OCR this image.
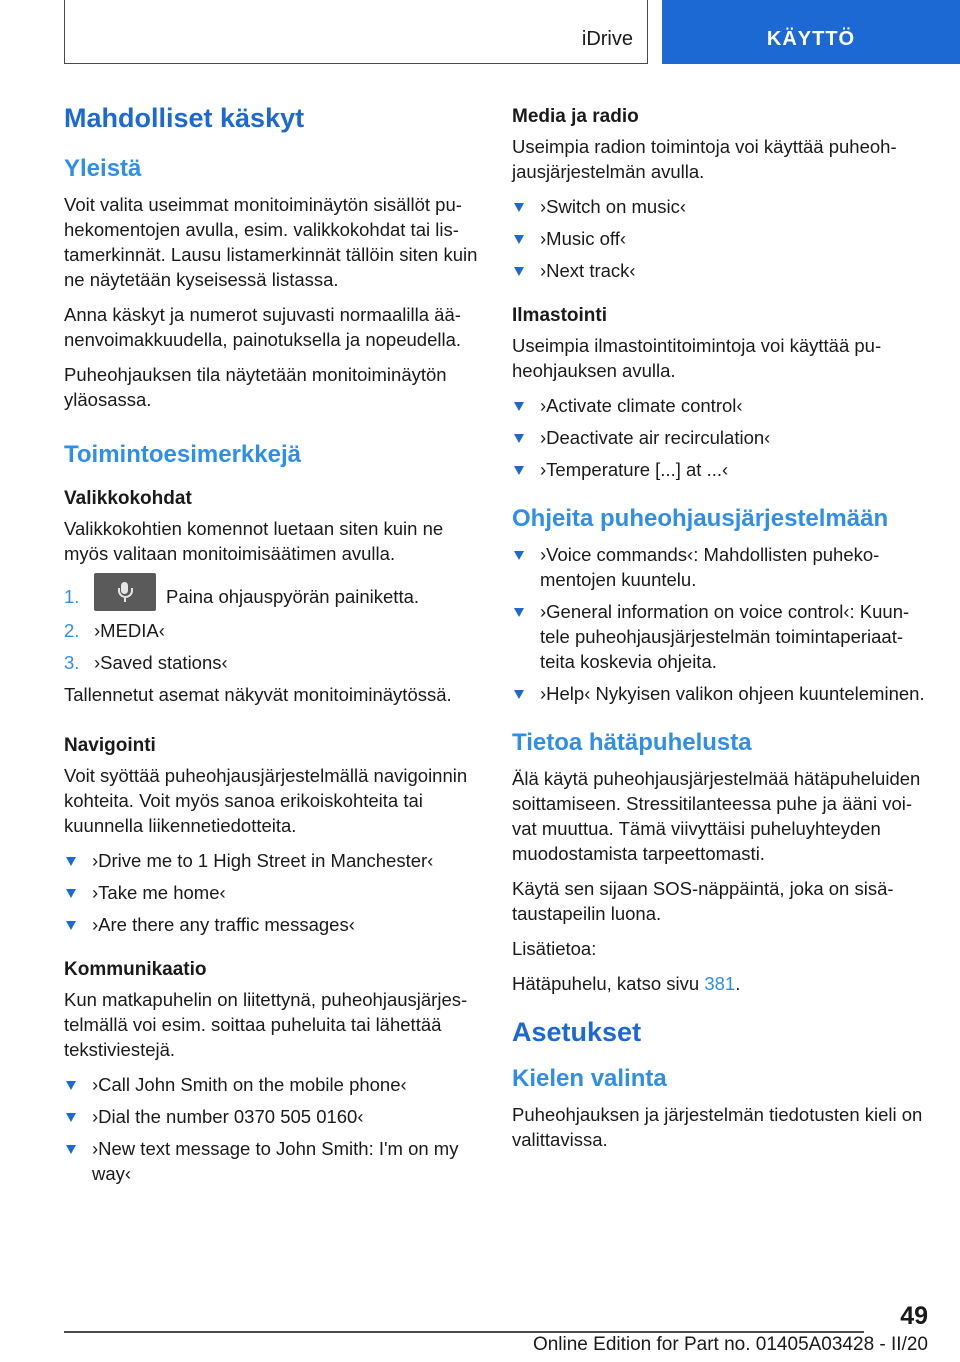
iDrive	KÄYTTÖ
Mahdolliset käskyt
Yleistä

Voit valita useimmat monitoiminäytön sisällöt puhekomentojen avulla, esim. valikkokohdat tai listamerkinnät. Lausu listamerkinnät tällöin siten kuin ne näytetään kyseisessä listassa.

Anna käskyt ja numerot sujuvasti normaalilla äänenvoimakkuudella, painotuksella ja nopeudella.

Puheohjauksen tila näytetään monitoiminäytön yläosassa.

Toimintoesimerkkejä
Valikkokohdat

Valikkokohtien komennot luetaan siten kuin ne myös valitaan monitoimisäätimen avulla.

1.	Paina ohjauspyörän painiketta.
2. ›MEDIA‹
3. ›Saved stations‹

Tallennetut asemat näkyvät monitoiminäytössä.

Navigointi

Voit syöttää puheohjausjärjestelmällä navigoinnin kohteita. Voit myös sanoa erikoiskohteita tai kuunnella liikennetiedotteita.

›Drive me to 1 High Street in Manchester‹
›Take me home‹
›Are there any traffic messages‹
Kommunikaatio

Kun matkapuhelin on liitettynä, puheohjausjärjestelmällä voi esim. soittaa puheluita tai lähettää tekstiviestejä.

›Call John Smith on the mobile phone‹
›Dial the number 0370 505 0160‹
›New text message to John Smith: I'm on my way‹
Media ja radio

Useimpia radion toimintoja voi käyttää puheohjausjärjestelmän avulla.

›Switch on music‹
›Music off‹
›Next track‹
Ilmastointi

Useimpia ilmastointitoimintoja voi käyttää puheohjauksen avulla.

›Activate climate control‹
›Deactivate air recirculation‹
›Temperature [...] at ...‹
Ohjeita puheohjausjärjestelmään
›Voice commands‹: Mahdollisten puhekomentojen kuuntelu.
›General information on voice control‹: Kuuntele puheohjausjärjestelmän toimintaperiaatteita koskevia ohjeita.
›Help‹ Nykyisen valikon ohjeen kuunteleminen.
Tietoa hätäpuhelusta

Älä käytä puheohjausjärjestelmää hätäpuheluiden soittamiseen. Stressitilanteessa puhe ja ääni voivat muuttua. Tämä viivyttäisi puheluyhteyden muodostamista tarpeettomasti.

Käytä sen sijaan SOS-näppäintä, joka on sisätaustapeilin luona.

Lisätietoa:

Hätäpuhelu, katso sivu 381.

Asetukset
Kielen valinta

Puheohjauksen ja järjestelmän tiedotusten kieli on valittavissa.

49
Online Edition for Part no. 01405A03428 - II/20
